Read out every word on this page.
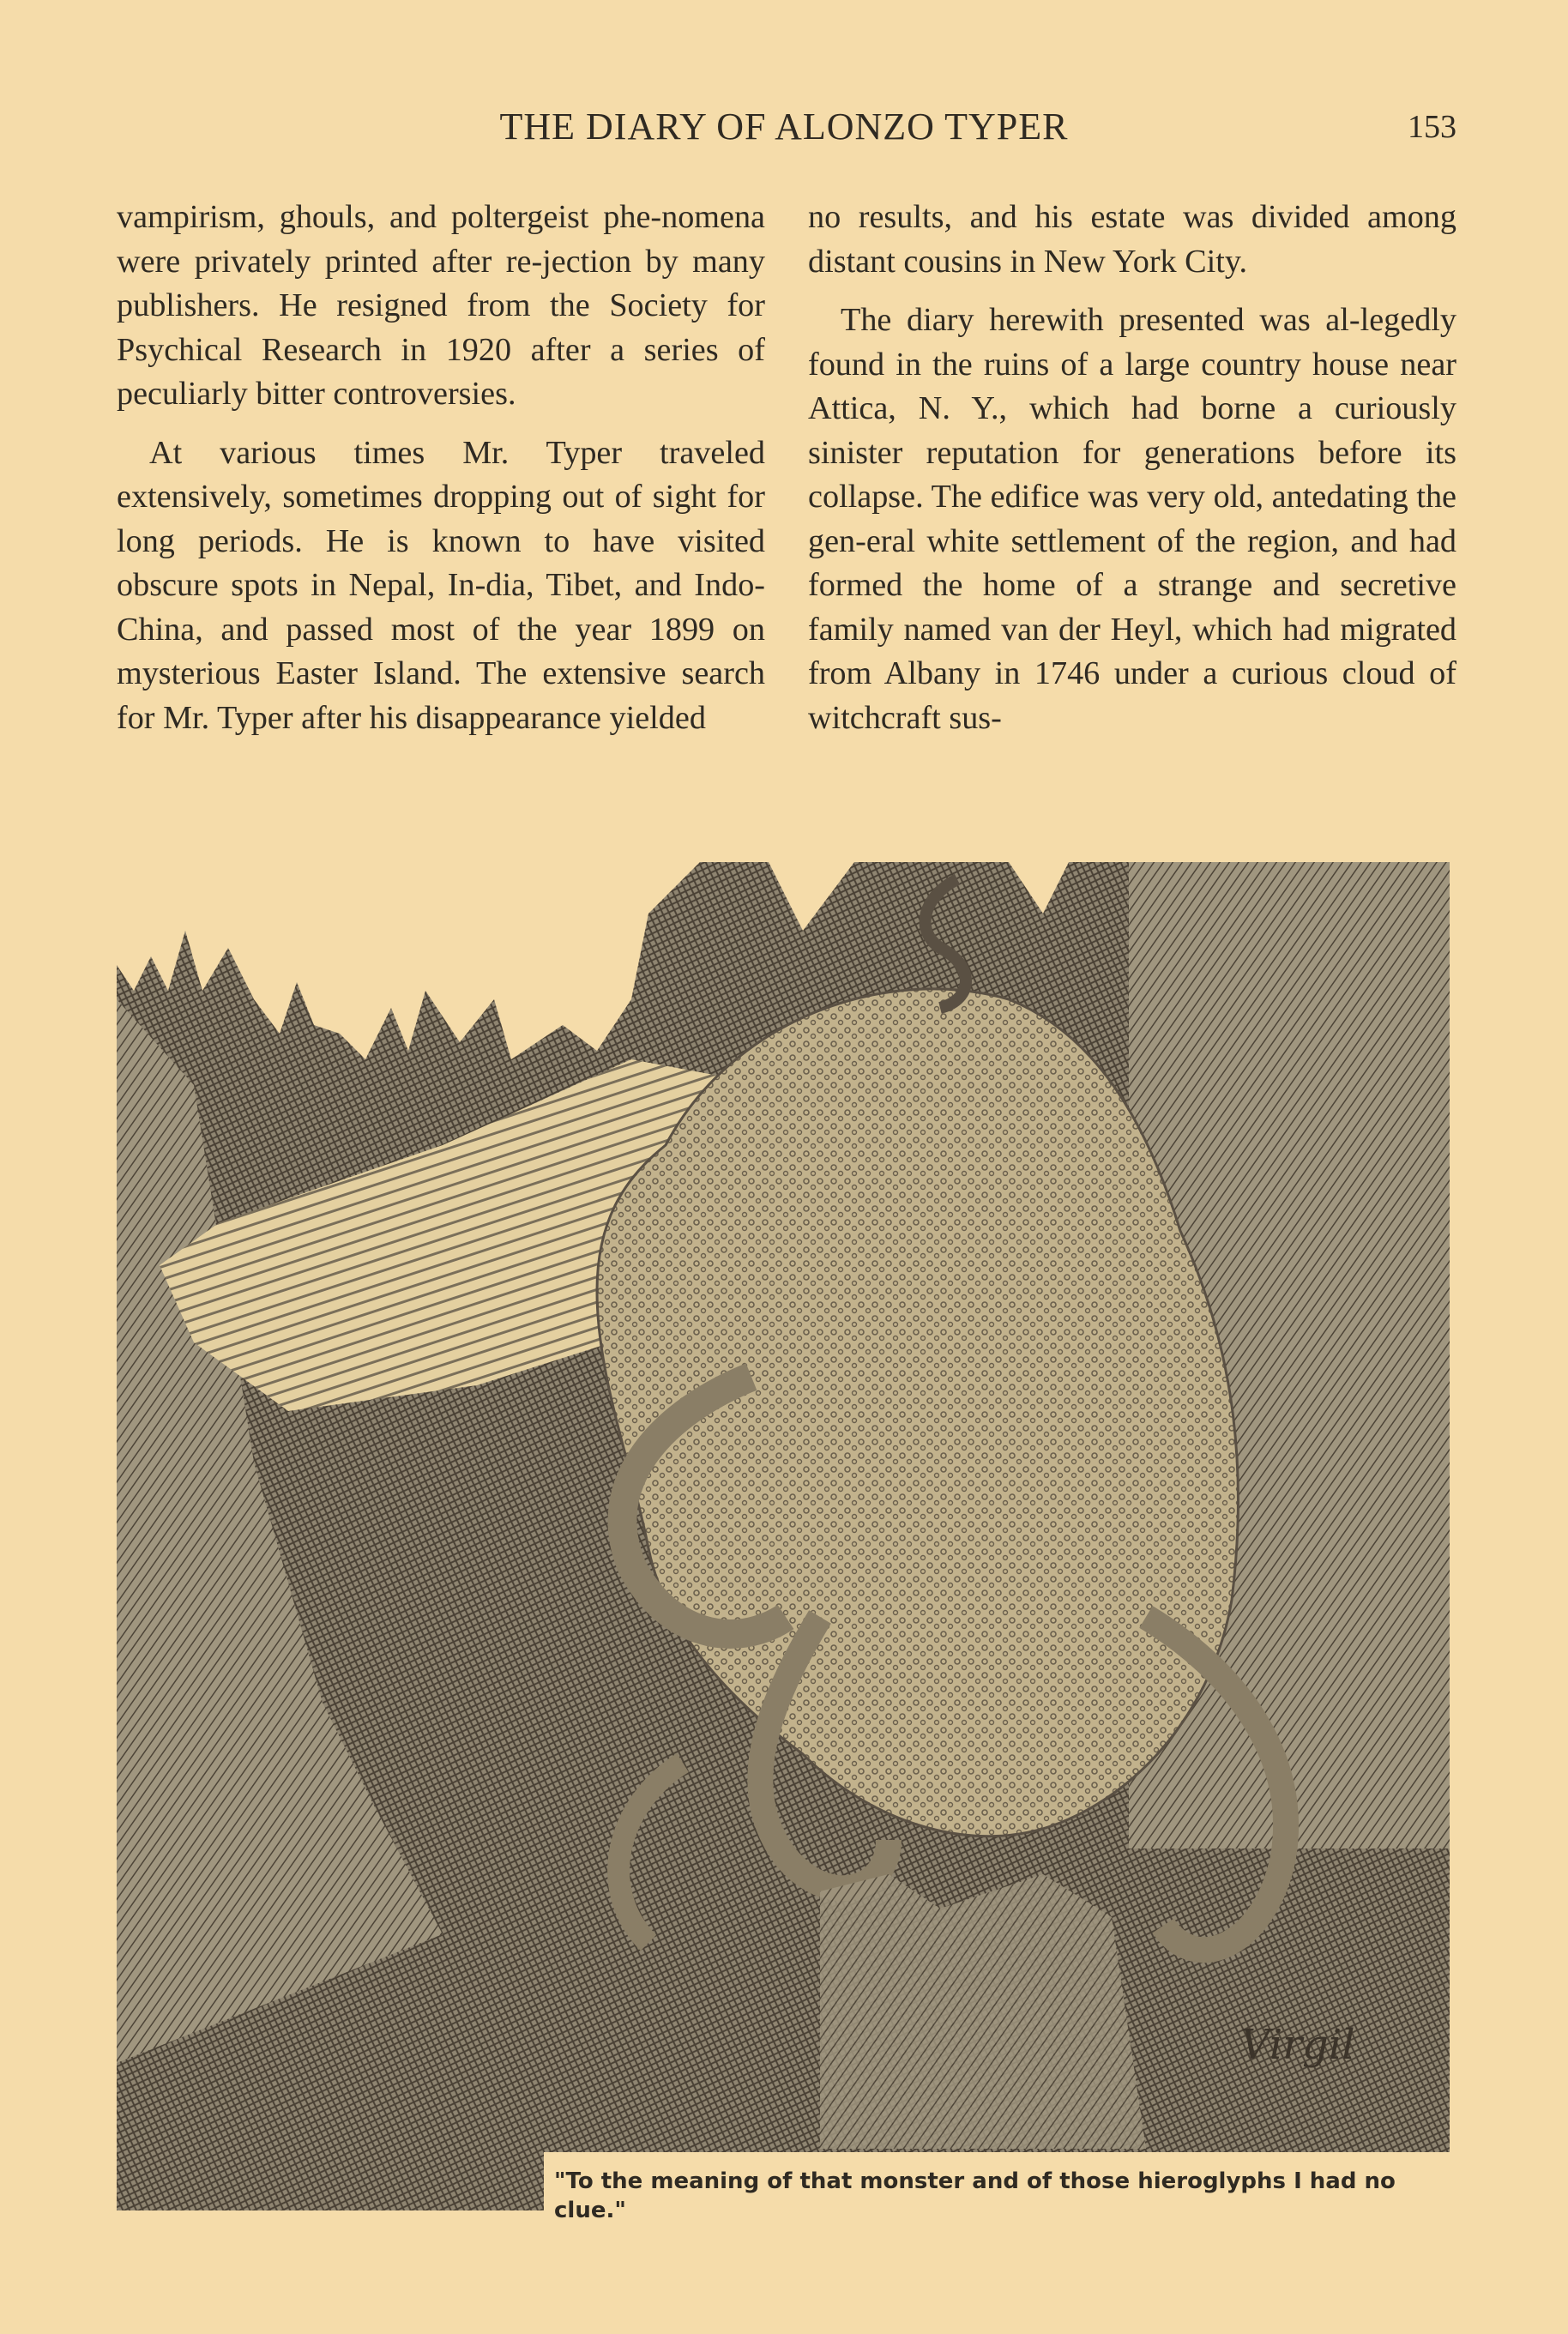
THE DIARY OF ALONZO TYPER	153

vampirism, ghouls, and poltergeist phe-nomena were privately printed after re-jection by many publishers. He resigned from the Society for Psychical Research in 1920 after a series of peculiarly bitter controversies.

At various times Mr. Typer traveled extensively, sometimes dropping out of sight for long periods. He is known to have visited obscure spots in Nepal, In-dia, Tibet, and Indo-China, and passed most of the year 1899 on mysterious Easter Island. The extensive search for Mr. Typer after his disappearance yielded

no results, and his estate was divided among distant cousins in New York City.

The diary herewith presented was al-legedly found in the ruins of a large country house near Attica, N. Y., which had borne a curiously sinister reputation for generations before its collapse. The edifice was very old, antedating the gen-eral white settlement of the region, and had formed the home of a strange and secretive family named van der Heyl, which had migrated from Albany in 1746 under a curious cloud of witchcraft sus-

Virgil
"To the meaning of that monster and of those hieroglyphs I had no clue."
